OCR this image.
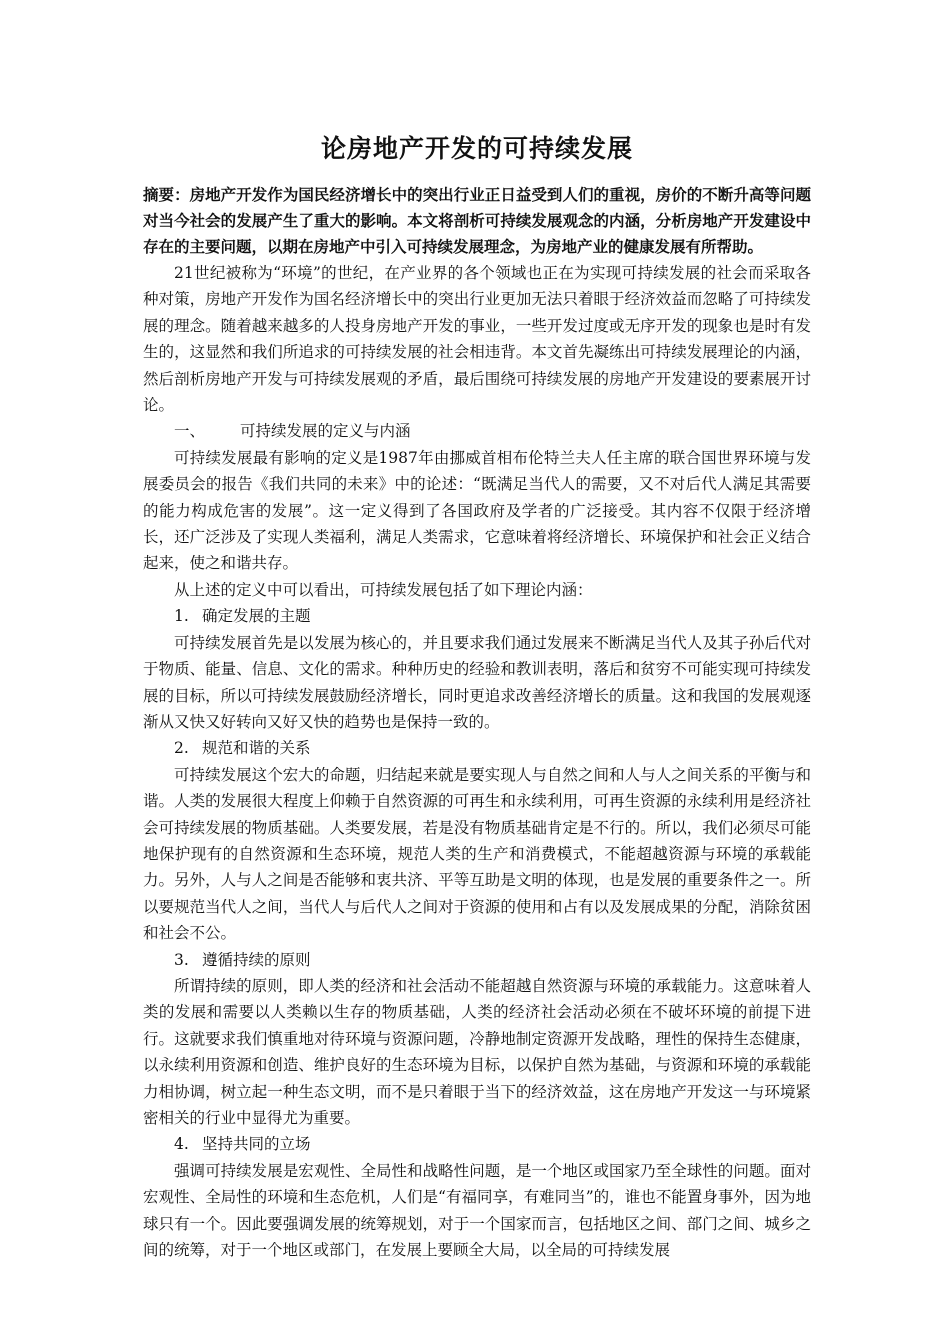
论房地产开发的可持续发展

摘要：房地产开发作为国民经济增长中的突出行业正日益受到人们的重视，房价的不断升高等问题对当今社会的发展产生了重大的影响。本文将剖析可持续发展观念的内涵，分析房地产开发建设中存在的主要问题，以期在房地产中引入可持续发展理念，为房地产业的健康发展有所帮助。

21世纪被称为“环境”的世纪，在产业界的各个领域也正在为实现可持续发展的社会而采取各种对策，房地产开发作为国名经济增长中的突出行业更加无法只着眼于经济效益而忽略了可持续发展的理念。随着越来越多的人投身房地产开发的事业，一些开发过度或无序开发的现象也是时有发生的，这显然和我们所追求的可持续发展的社会相违背。本文首先凝练出可持续发展理论的内涵，然后剖析房地产开发与可持续发展观的矛盾，最后围绕可持续发展的房地产开发建设的要素展开讨论。

一、 可持续发展的定义与内涵

可持续发展最有影响的定义是1987年由挪威首相布伦特兰夫人任主席的联合国世界环境与发展委员会的报告《我们共同的未来》中的论述：“既满足当代人的需要，又不对后代人满足其需要的能力构成危害的发展”。这一定义得到了各国政府及学者的广泛接受。其内容不仅限于经济增长，还广泛涉及了实现人类福利，满足人类需求，它意味着将经济增长、环境保护和社会正义结合起来，使之和谐共存。

从上述的定义中可以看出，可持续发展包括了如下理论内涵：

1. 确定发展的主题

可持续发展首先是以发展为核心的，并且要求我们通过发展来不断满足当代人及其子孙后代对于物质、能量、信息、文化的需求。种种历史的经验和教训表明，落后和贫穷不可能实现可持续发展的目标，所以可持续发展鼓励经济增长，同时更追求改善经济增长的质量。这和我国的发展观逐渐从又快又好转向又好又快的趋势也是保持一致的。

2. 规范和谐的关系

可持续发展这个宏大的命题，归结起来就是要实现人与自然之间和人与人之间关系的平衡与和谐。人类的发展很大程度上仰赖于自然资源的可再生和永续利用，可再生资源的永续利用是经济社会可持续发展的物质基础。人类要发展，若是没有物质基础肯定是不行的。所以，我们必须尽可能地保护现有的自然资源和生态环境，规范人类的生产和消费模式，不能超越资源与环境的承载能力。另外，人与人之间是否能够和衷共济、平等互助是文明的体现，也是发展的重要条件之一。所以要规范当代人之间，当代人与后代人之间对于资源的使用和占有以及发展成果的分配，消除贫困和社会不公。

3. 遵循持续的原则

所谓持续的原则，即人类的经济和社会活动不能超越自然资源与环境的承载能力。这意味着人类的发展和需要以人类赖以生存的物质基础，人类的经济社会活动必须在不破坏环境的前提下进行。这就要求我们慎重地对待环境与资源问题，冷静地制定资源开发战略，理性的保持生态健康，以永续利用资源和创造、维护良好的生态环境为目标，以保护自然为基础，与资源和环境的承载能力相协调，树立起一种生态文明，而不是只着眼于当下的经济效益，这在房地产开发这一与环境紧密相关的行业中显得尤为重要。

4. 坚持共同的立场

强调可持续发展是宏观性、全局性和战略性问题，是一个地区或国家乃至全球性的问题。面对宏观性、全局性的环境和生态危机，人们是“有福同享，有难同当”的，谁也不能置身事外，因为地球只有一个。因此要强调发展的统筹规划，对于一个国家而言，包括地区之间、部门之间、城乡之间的统筹，对于一个地区或部门，在发展上要顾全大局，以全局的可持续发展
